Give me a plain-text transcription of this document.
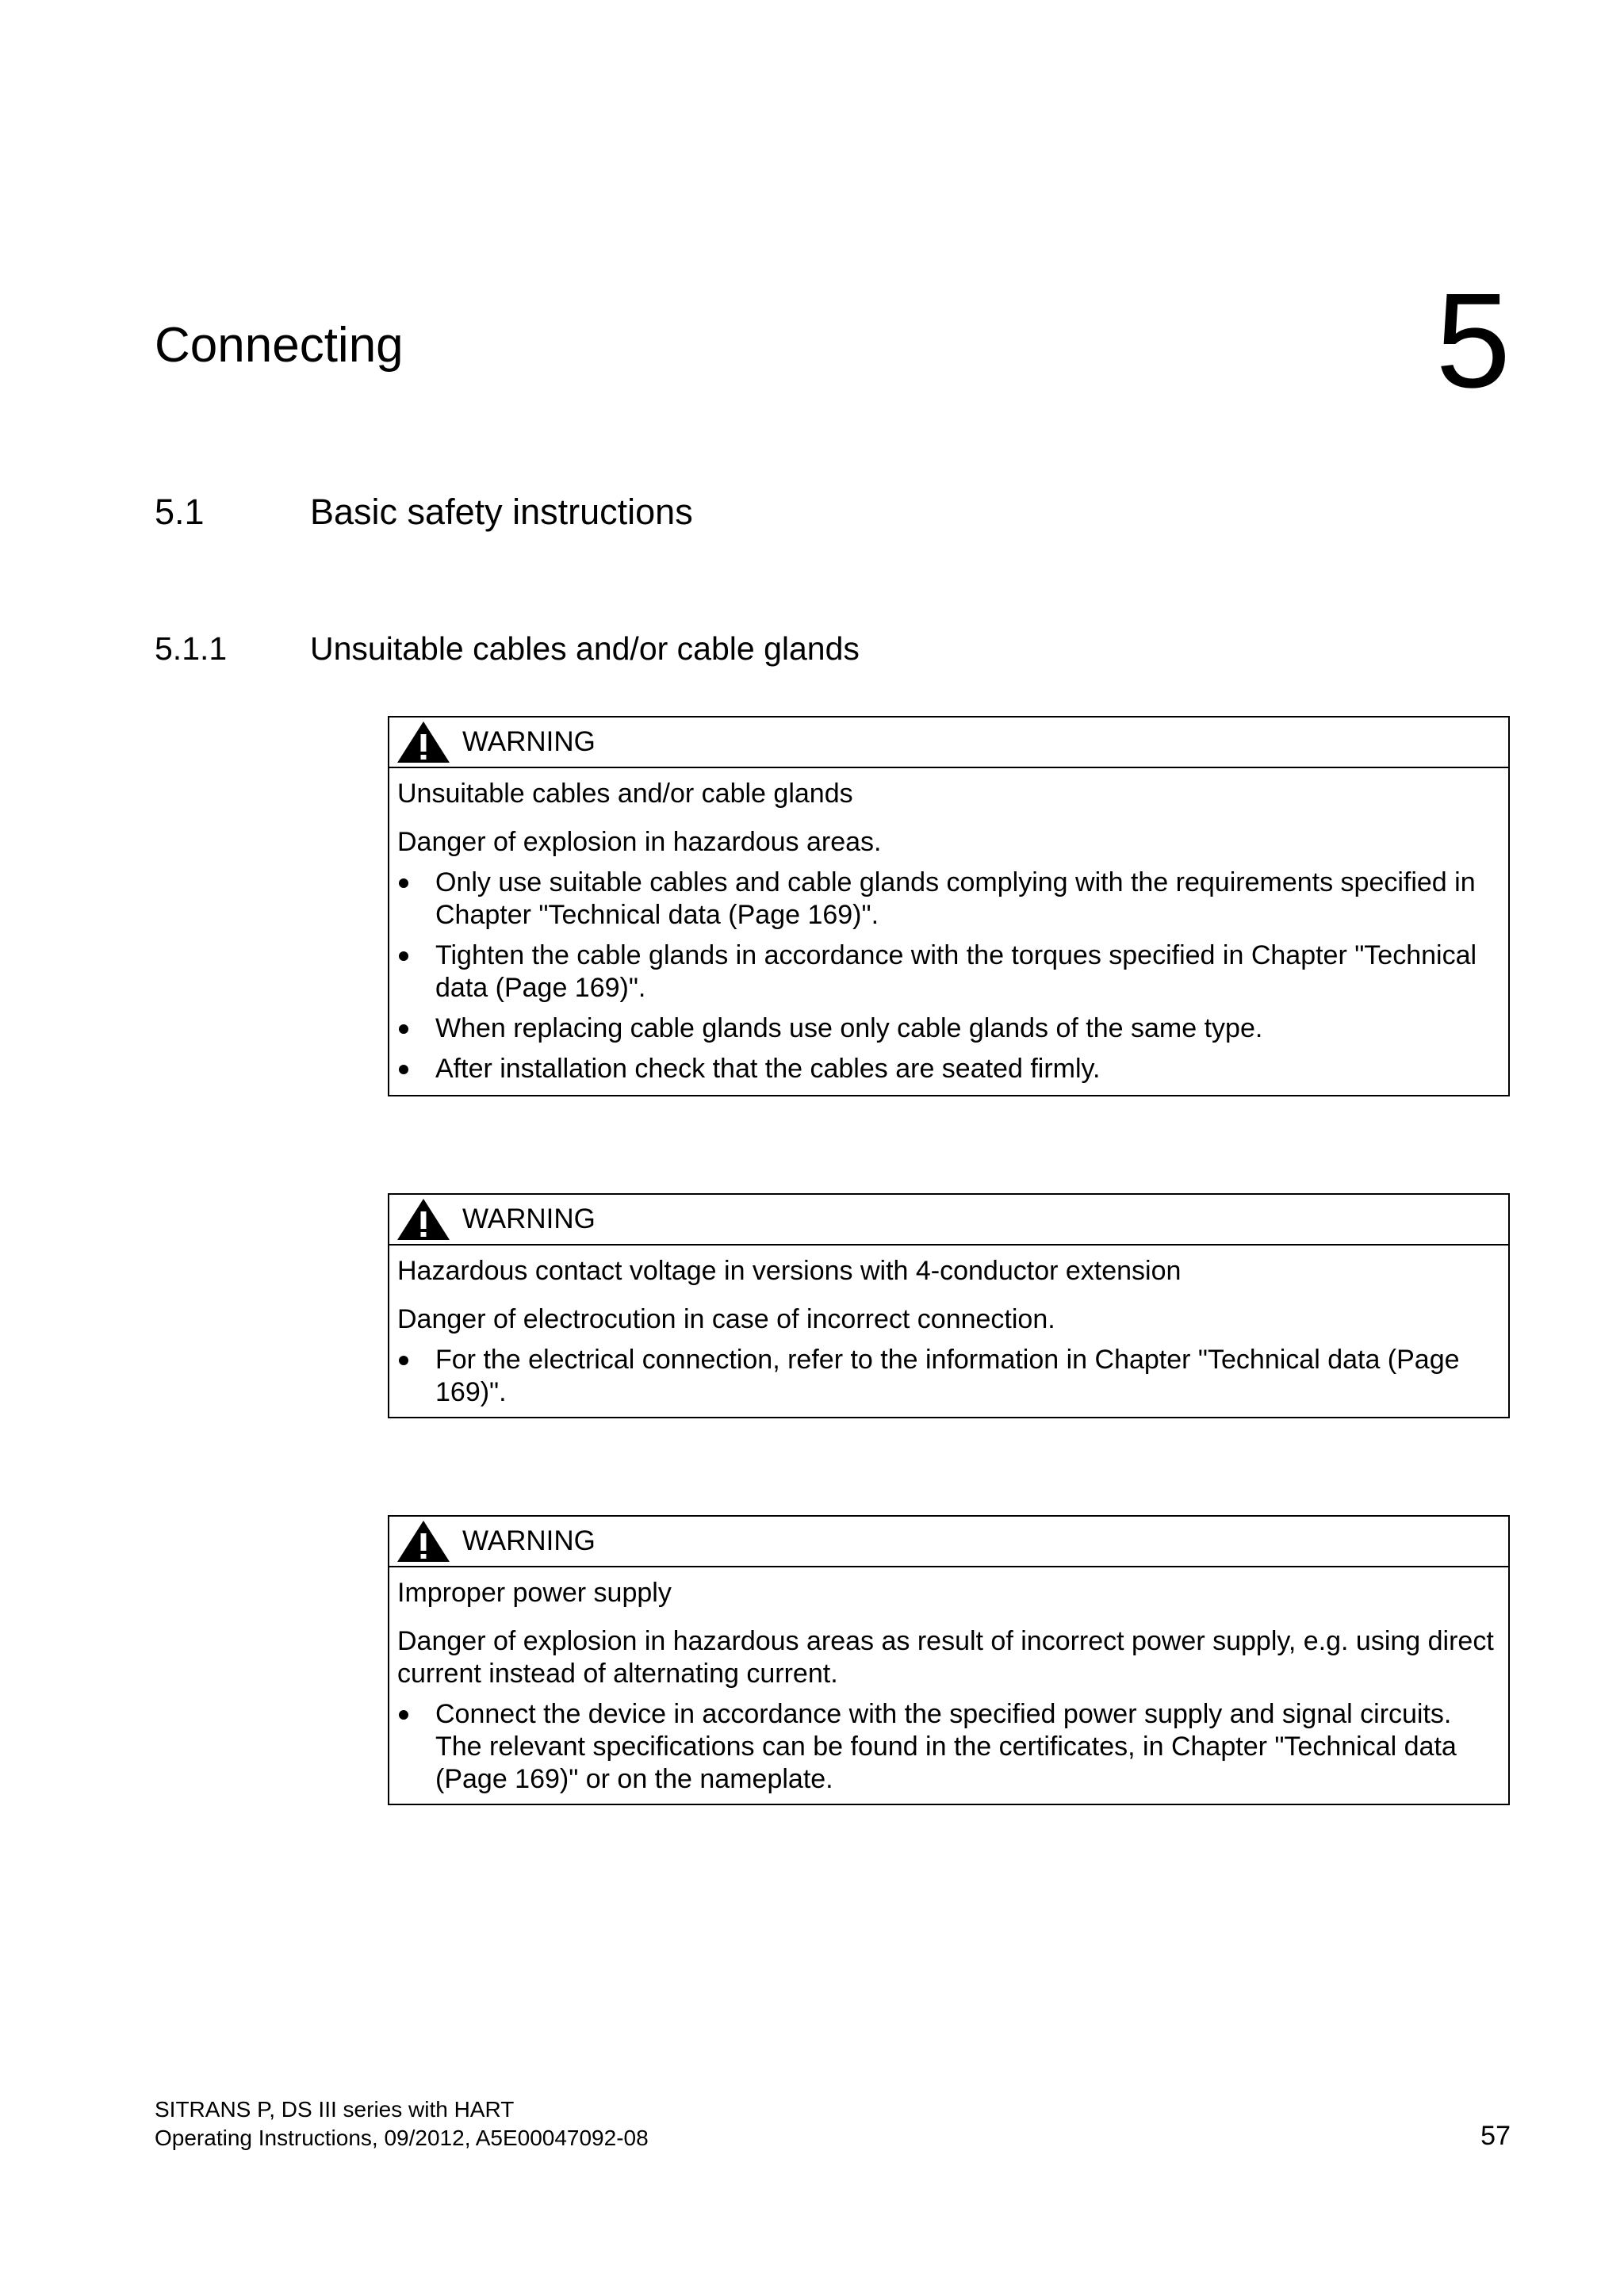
Connecting	5
5.1	Basic safety instructions
5.1.1	Unsuitable cables and/or cable glands
WARNING

Unsuitable cables and/or cable glands

Danger of explosion in hazardous areas.

Only use suitable cables and cable glands complying with the requirements specified in Chapter "Technical data (Page 169)".
Tighten the cable glands in accordance with the torques specified in Chapter "Technical data (Page 169)".
When replacing cable glands use only cable glands of the same type.
After installation check that the cables are seated firmly.
WARNING

Hazardous contact voltage in versions with 4-conductor extension

Danger of electrocution in case of incorrect connection.

For the electrical connection, refer to the information in Chapter "Technical data (Page 169)".
WARNING

Improper power supply

Danger of explosion in hazardous areas as result of incorrect power supply, e.g. using direct current instead of alternating current.

Connect the device in accordance with the specified power supply and signal circuits. The relevant specifications can be found in the certificates, in Chapter "Technical data (Page 169)" or on the nameplate.
SITRANS P, DS III series with HART
Operating Instructions, 09/2012, A5E00047092-08	57
